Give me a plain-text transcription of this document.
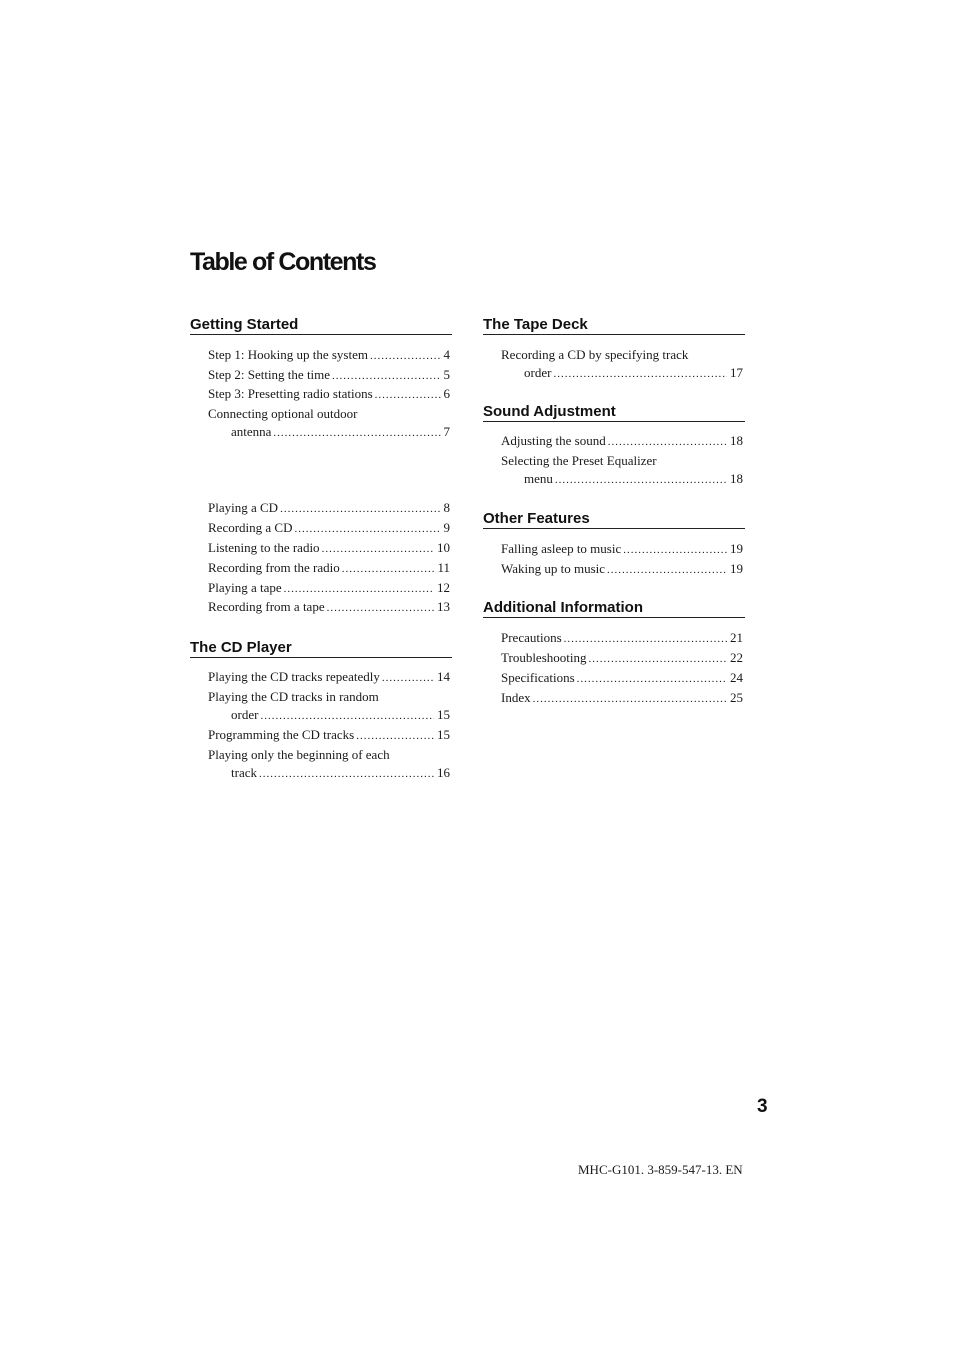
Table of Contents
Getting Started
Step 1: Hooking up the system .....	4
Step 2: Setting the time .....	5
Step 3: Presetting radio stations .....	6
Connecting optional outdoor
antenna .....	7
Playing a CD .....	8
Recording a CD .....	9
Listening to the radio .....	10
Recording from the radio .....	11
Playing a tape .....	12
Recording from a tape .....	13
The CD Player
Playing the CD tracks repeatedly .....	14
Playing the CD tracks in random
order .....	15
Programming the CD tracks .....	15
Playing only the beginning of each
track .....	16
The Tape Deck
Recording a CD by specifying track
order .....	17
Sound Adjustment
Adjusting the sound .....	18
Selecting the Preset Equalizer
menu .....	18
Other Features
Falling asleep to music .....	19
Waking up to music .....	19
Additional Information
Precautions .....	21
Troubleshooting .....	22
Specifications .....	24
Index .....	25
3
MHC-G101. 3-859-547-13. EN
